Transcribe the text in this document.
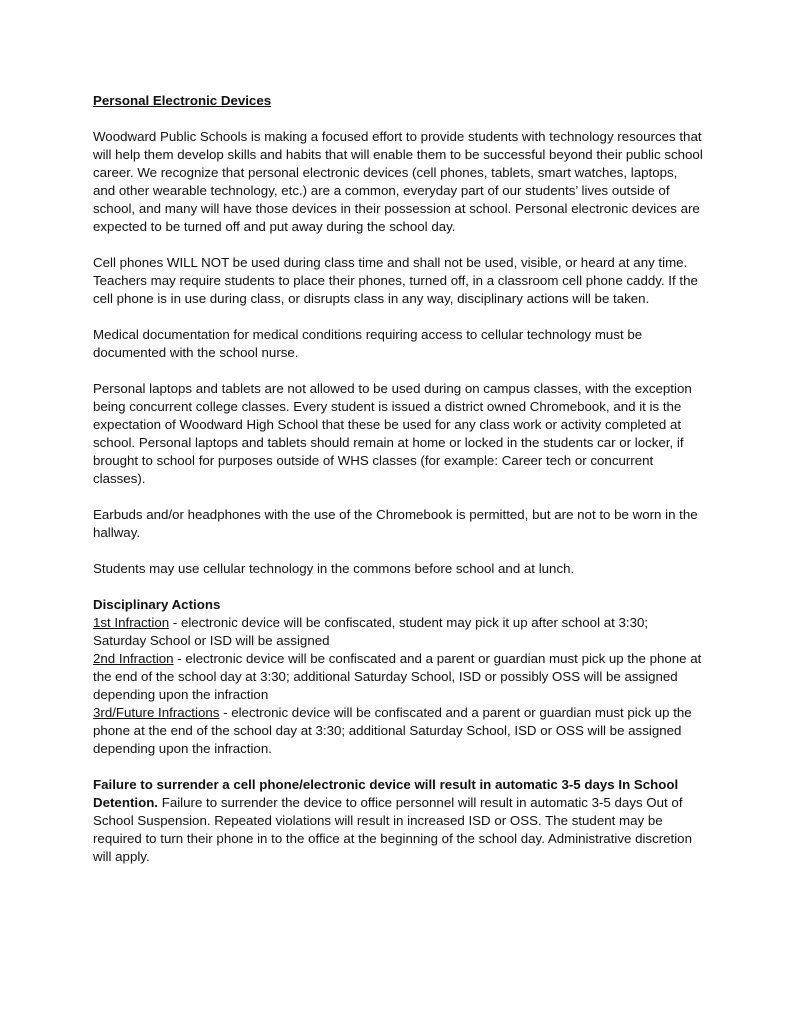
Personal Electronic Devices

Woodward Public Schools is making a focused effort to provide students with technology resources that will help them develop skills and habits that will enable them to be successful beyond their public school career. We recognize that personal electronic devices (cell phones, tablets, smart watches, laptops, and other wearable technology, etc.) are a common, everyday part of our students’ lives outside of school, and many will have those devices in their possession at school. Personal electronic devices are expected to be turned off and put away during the school day.

Cell phones WILL NOT be used during class time and shall not be used, visible, or heard at any time. Teachers may require students to place their phones, turned off, in a classroom cell phone caddy. If the cell phone is in use during class, or disrupts class in any way, disciplinary actions will be taken.

Medical documentation for medical conditions requiring access to cellular technology must be documented with the school nurse.

Personal laptops and tablets are not allowed to be used during on campus classes, with the exception being concurrent college classes. Every student is issued a district owned Chromebook, and it is the expectation of Woodward High School that these be used for any class work or activity completed at school. Personal laptops and tablets should remain at home or locked in the students car or locker, if brought to school for purposes outside of WHS classes (for example: Career tech or concurrent classes).

Earbuds and/or headphones with the use of the Chromebook is permitted, but are not to be worn in the hallway.

Students may use cellular technology in the commons before school and at lunch.

Disciplinary Actions
1st Infraction - electronic device will be confiscated, student may pick it up after school at 3:30; Saturday School or ISD will be assigned
2nd Infraction - electronic device will be confiscated and a parent or guardian must pick up the phone at the end of the school day at 3:30; additional Saturday School, ISD or possibly OSS will be assigned depending upon the infraction
3rd/Future Infractions - electronic device will be confiscated and a parent or guardian must pick up the phone at the end of the school day at 3:30; additional Saturday School, ISD or OSS will be assigned depending upon the infraction.

Failure to surrender a cell phone/electronic device will result in automatic 3-5 days In School Detention. Failure to surrender the device to office personnel will result in automatic 3-5 days Out of School Suspension. Repeated violations will result in increased ISD or OSS. The student may be required to turn their phone in to the office at the beginning of the school day. Administrative discretion will apply.
